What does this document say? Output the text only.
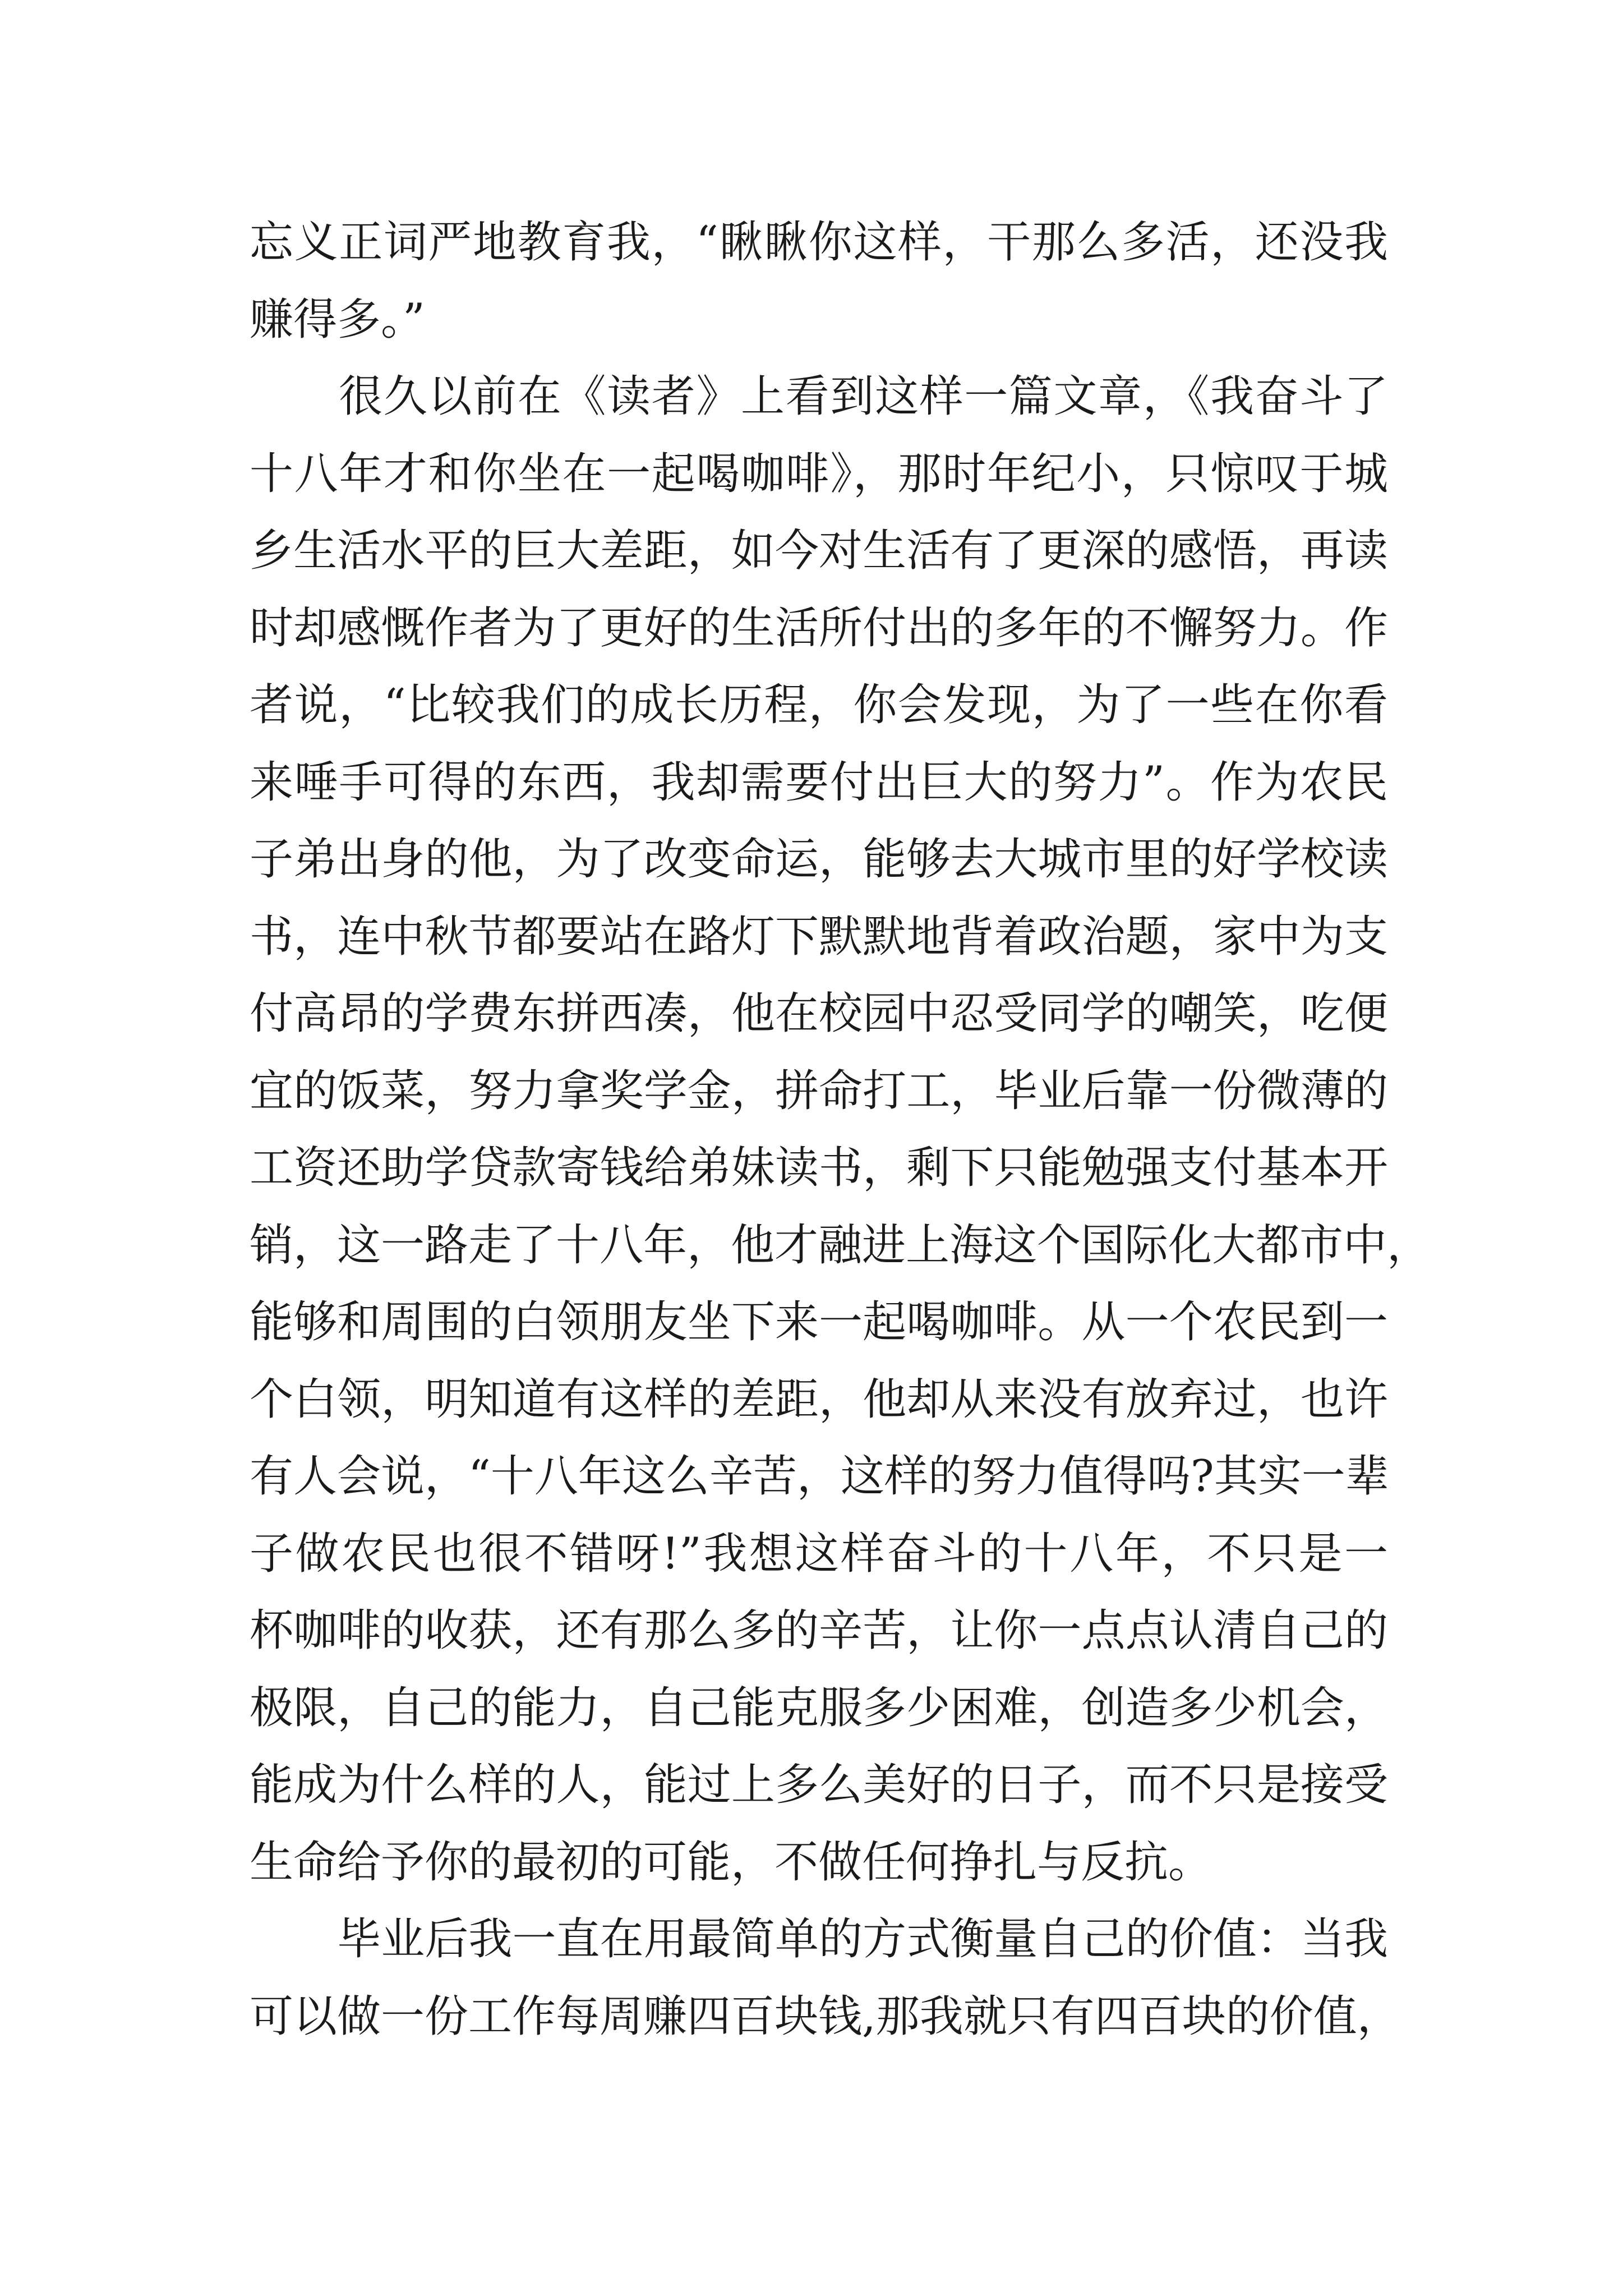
忘义正词严地教育我，“瞅瞅你这样，干那么多活，还没我
赚得多。”
　　很久以前在《读者》上看到这样一篇文章，《我奋斗了
十八年才和你坐在一起喝咖啡》，那时年纪小，只惊叹于城
乡生活水平的巨大差距，如今对生活有了更深的感悟，再读
时却感慨作者为了更好的生活所付出的多年的不懈努力。作
者说，“比较我们的成长历程，你会发现，为了一些在你看
来唾手可得的东西，我却需要付出巨大的努力”。作为农民
子弟出身的他，为了改变命运，能够去大城市里的好学校读
书，连中秋节都要站在路灯下默默地背着政治题，家中为支
付高昂的学费东拼西凑，他在校园中忍受同学的嘲笑，吃便
宜的饭菜，努力拿奖学金，拼命打工，毕业后靠一份微薄的
工资还助学贷款寄钱给弟妹读书，剩下只能勉强支付基本开
销，这一路走了十八年，他才融进上海这个国际化大都市中，
能够和周围的白领朋友坐下来一起喝咖啡。从一个农民到一
个白领，明知道有这样的差距，他却从来没有放弃过，也许
有人会说，“十八年这么辛苦，这样的努力值得吗?其实一辈
子做农民也很不错呀!”我想这样奋斗的十八年，不只是一
杯咖啡的收获，还有那么多的辛苦，让你一点点认清自己的
极限，自己的能力，自己能克服多少困难，创造多少机会，
能成为什么样的人，能过上多么美好的日子，而不只是接受
生命给予你的最初的可能，不做任何挣扎与反抗。
　　毕业后我一直在用最简单的方式衡量自己的价值：当我
可以做一份工作每周赚四百块钱,那我就只有四百块的价值，
